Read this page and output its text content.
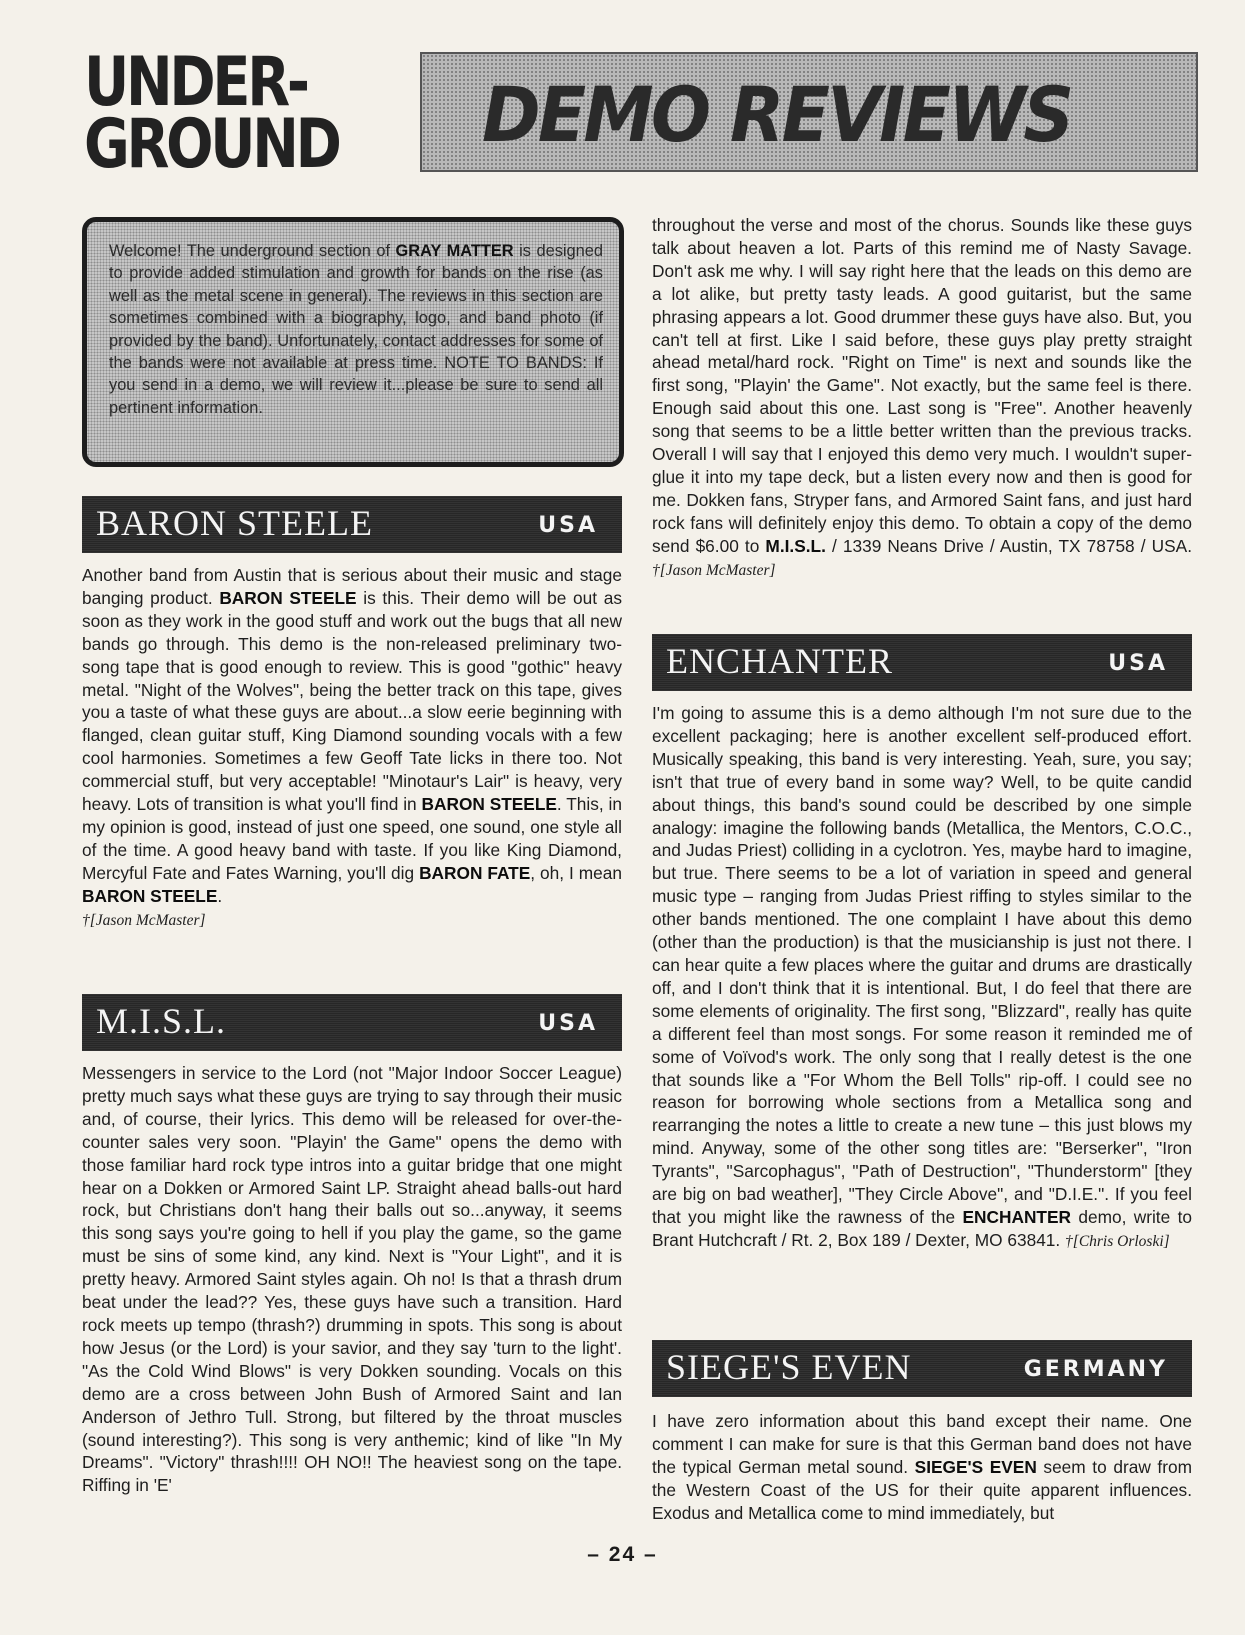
UNDER-
GROUND DEMO REVIEWS
Welcome! The underground section of GRAY MATTER is designed to provide added stimulation and growth for bands on the rise (as well as the metal scene in general). The reviews in this section are sometimes combined with a biography, logo, and band photo (if provided by the band). Unfortunately, contact addresses for some of the bands were not available at press time. NOTE TO BANDS: If you send in a demo, we will review it...please be sure to send all pertinent information.
BARON STEELE	USA
Another band from Austin that is serious about their music and stage banging product. BARON STEELE is this. Their demo will be out as soon as they work in the good stuff and work out the bugs that all new bands go through. This demo is the non-released preliminary two-song tape that is good enough to review. This is good "gothic" heavy metal. "Night of the Wolves", being the better track on this tape, gives you a taste of what these guys are about...a slow eerie beginning with flanged, clean guitar stuff, King Diamond sounding vocals with a few cool harmonies. Sometimes a few Geoff Tate licks in there too. Not commercial stuff, but very acceptable! "Minotaur's Lair" is heavy, very heavy. Lots of transition is what you'll find in BARON STEELE. This, in my opinion is good, instead of just one speed, one sound, one style all of the time. A good heavy band with taste. If you like King Diamond, Mercyful Fate and Fates Warning, you'll dig BARON FATE, oh, I mean BARON STEELE.
†[Jason McMaster]
M.I.S.L.	USA
Messengers in service to the Lord (not "Major Indoor Soccer League) pretty much says what these guys are trying to say through their music and, of course, their lyrics. This demo will be released for over-the-counter sales very soon. "Playin' the Game" opens the demo with those familiar hard rock type intros into a guitar bridge that one might hear on a Dokken or Armored Saint LP. Straight ahead balls-out hard rock, but Christians don't hang their balls out so...anyway, it seems this song says you're going to hell if you play the game, so the game must be sins of some kind, any kind. Next is "Your Light", and it is pretty heavy. Armored Saint styles again. Oh no! Is that a thrash drum beat under the lead?? Yes, these guys have such a transition. Hard rock meets up tempo (thrash?) drumming in spots. This song is about how Jesus (or the Lord) is your savior, and they say 'turn to the light'. "As the Cold Wind Blows" is very Dokken sounding. Vocals on this demo are a cross between John Bush of Armored Saint and Ian Anderson of Jethro Tull. Strong, but filtered by the throat muscles (sound interesting?). This song is very anthemic; kind of like "In My Dreams". "Victory" thrash!!!! OH NO!! The heaviest song on the tape. Riffing in 'E'
throughout the verse and most of the chorus. Sounds like these guys talk about heaven a lot. Parts of this remind me of Nasty Savage. Don't ask me why. I will say right here that the leads on this demo are a lot alike, but pretty tasty leads. A good guitarist, but the same phrasing appears a lot. Good drummer these guys have also. But, you can't tell at first. Like I said before, these guys play pretty straight ahead metal/hard rock. "Right on Time" is next and sounds like the first song, "Playin' the Game". Not exactly, but the same feel is there. Enough said about this one. Last song is "Free". Another heavenly song that seems to be a little better written than the previous tracks. Overall I will say that I enjoyed this demo very much. I wouldn't super-glue it into my tape deck, but a listen every now and then is good for me. Dokken fans, Stryper fans, and Armored Saint fans, and just hard rock fans will definitely enjoy this demo. To obtain a copy of the demo send $6.00 to M.I.S.L. / 1339 Neans Drive / Austin, TX 78758 / USA. †[Jason McMaster]
ENCHANTER	USA
I'm going to assume this is a demo although I'm not sure due to the excellent packaging; here is another excellent self-produced effort. Musically speaking, this band is very interesting. Yeah, sure, you say; isn't that true of every band in some way? Well, to be quite candid about things, this band's sound could be described by one simple analogy: imagine the following bands (Metallica, the Mentors, C.O.C., and Judas Priest) colliding in a cyclotron. Yes, maybe hard to imagine, but true. There seems to be a lot of variation in speed and general music type – ranging from Judas Priest riffing to styles similar to the other bands mentioned. The one complaint I have about this demo (other than the production) is that the musicianship is just not there. I can hear quite a few places where the guitar and drums are drastically off, and I don't think that it is intentional. But, I do feel that there are some elements of originality. The first song, "Blizzard", really has quite a different feel than most songs. For some reason it reminded me of some of Voïvod's work. The only song that I really detest is the one that sounds like a "For Whom the Bell Tolls" rip-off. I could see no reason for borrowing whole sections from a Metallica song and rearranging the notes a little to create a new tune – this just blows my mind. Anyway, some of the other song titles are: "Berserker", "Iron Tyrants", "Sarcophagus", "Path of Destruction", "Thunderstorm" [they are big on bad weather], "They Circle Above", and "D.I.E.". If you feel that you might like the rawness of the ENCHANTER demo, write to Brant Hutchcraft / Rt. 2, Box 189 / Dexter, MO 63841. †[Chris Orloski]
SIEGE'S EVEN	GERMANY
I have zero information about this band except their name. One comment I can make for sure is that this German band does not have the typical German metal sound. SIEGE'S EVEN seem to draw from the Western Coast of the US for their quite apparent influences. Exodus and Metallica come to mind immediately, but
– 24 –
